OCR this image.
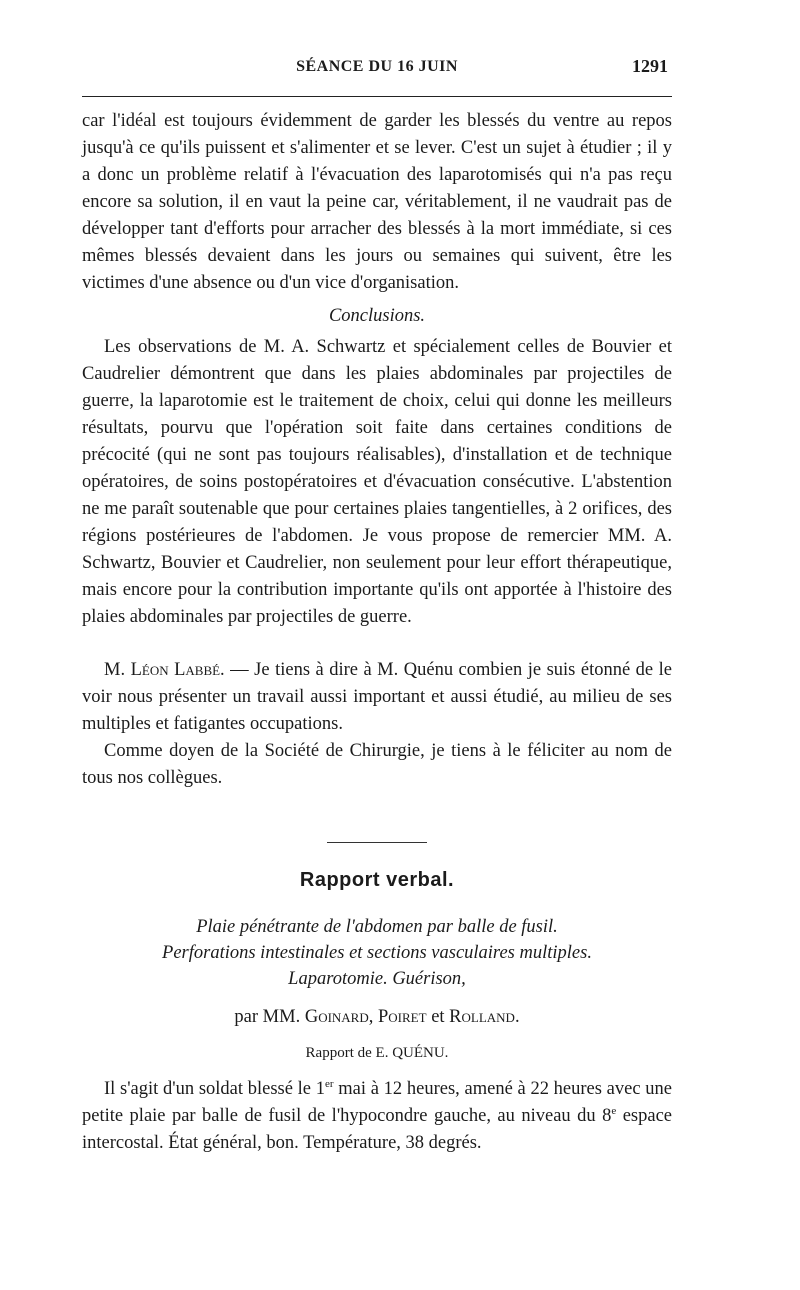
SÉANCE DU 16 JUIN	1291

car l'idéal est toujours évidemment de garder les blessés du ventre au repos jusqu'à ce qu'ils puissent et s'alimenter et se lever. C'est un sujet à étudier ; il y a donc un problème relatif à l'évacuation des laparotomisés qui n'a pas reçu encore sa solution, il en vaut la peine car, véritablement, il ne vaudrait pas de développer tant d'efforts pour arracher des blessés à la mort immédiate, si ces mêmes blessés devaient dans les jours ou semaines qui suivent, être les victimes d'une absence ou d'un vice d'organisation.

Conclusions.

Les observations de M. A. Schwartz et spécialement celles de Bouvier et Caudrelier démontrent que dans les plaies abdominales par projectiles de guerre, la laparotomie est le traitement de choix, celui qui donne les meilleurs résultats, pourvu que l'opération soit faite dans certaines conditions de précocité (qui ne sont pas toujours réalisables), d'installation et de technique opératoires, de soins postopératoires et d'évacuation consécutive. L'abstention ne me paraît soutenable que pour certaines plaies tangentielles, à 2 orifices, des régions postérieures de l'abdomen. Je vous propose de remercier MM. A. Schwartz, Bouvier et Caudrelier, non seulement pour leur effort thérapeutique, mais encore pour la contribution importante qu'ils ont apportée à l'histoire des plaies abdominales par projectiles de guerre.

M. Léon Labbé. — Je tiens à dire à M. Quénu combien je suis étonné de le voir nous présenter un travail aussi important et aussi étudié, au milieu de ses multiples et fatigantes occupations.

Comme doyen de la Société de Chirurgie, je tiens à le féliciter au nom de tous nos collègues.

Rapport verbal.
Plaie pénétrante de l'abdomen par balle de fusil.
Perforations intestinales et sections vasculaires multiples.
Laparotomie. Guérison,
par MM. Goinard, Poiret et Rolland.
Rapport de E. QUÉNU.

Il s'agit d'un soldat blessé le 1er mai à 12 heures, amené à 22 heures avec une petite plaie par balle de fusil de l'hypocondre gauche, au niveau du 8e espace intercostal. État général, bon. Température, 38 degrés.
